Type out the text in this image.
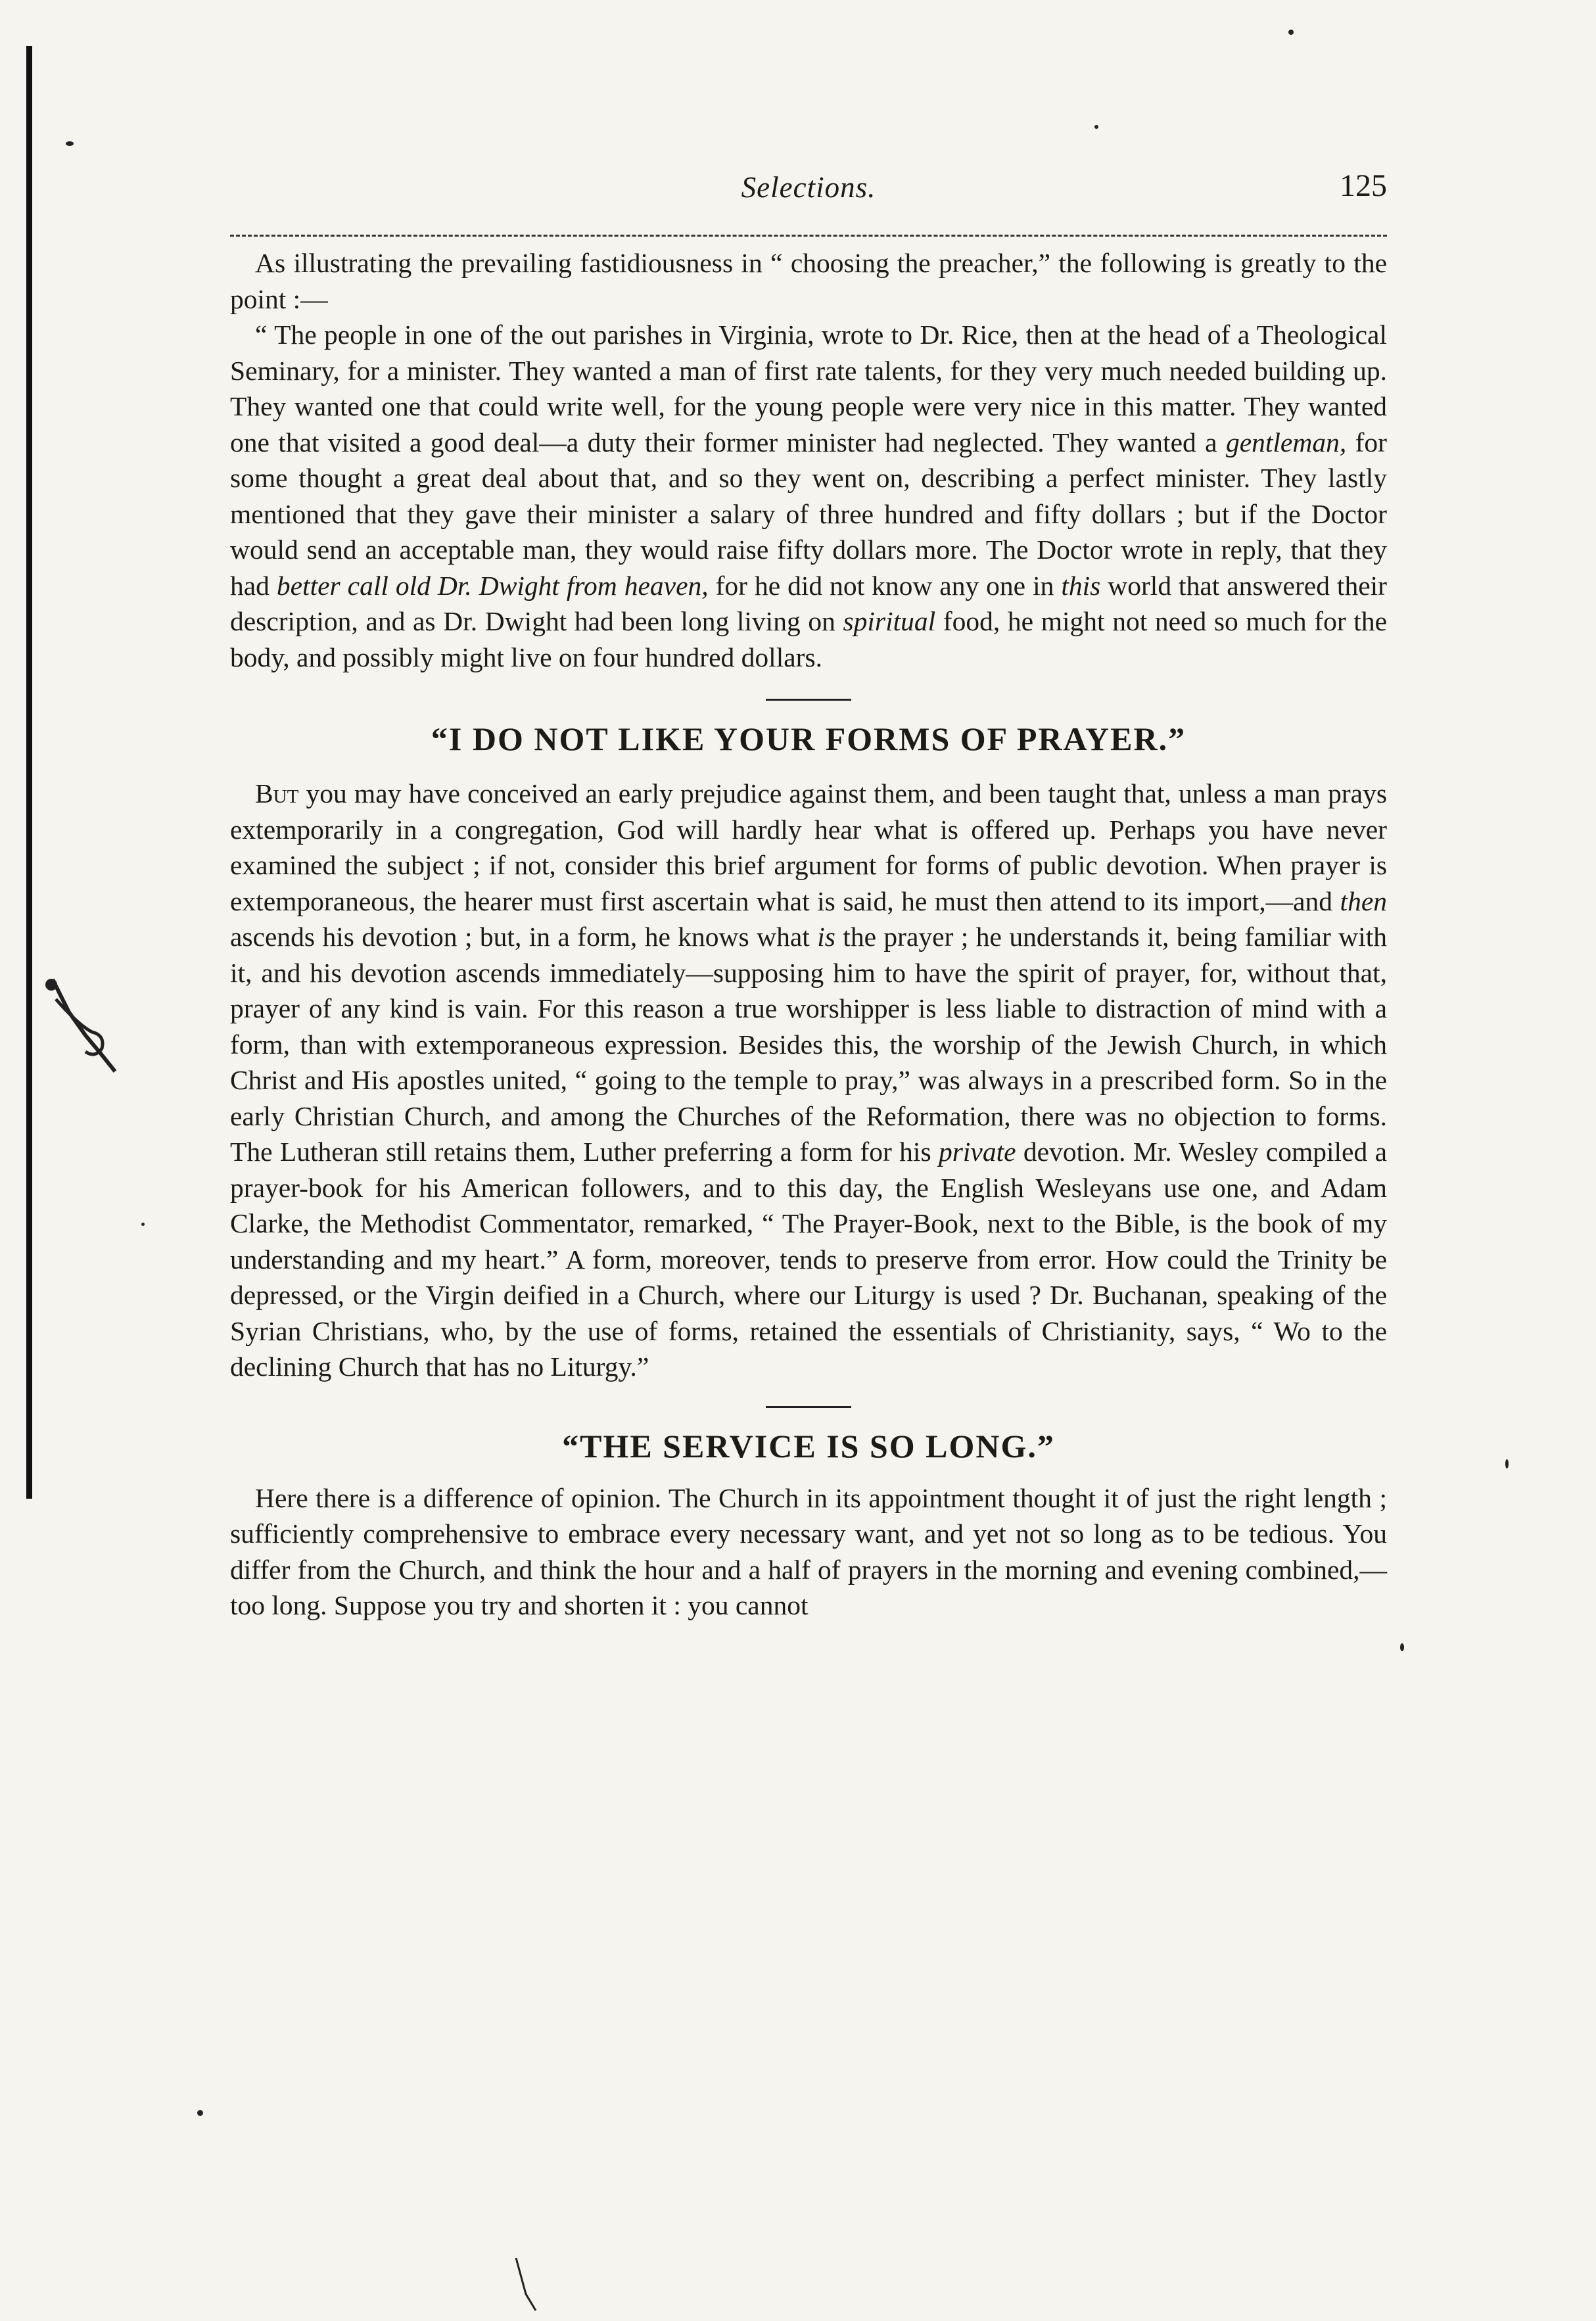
Selections.	125

As illustrating the prevailing fastidiousness in “ choosing the preacher,” the following is greatly to the point :—

“ The people in one of the out parishes in Virginia, wrote to Dr. Rice, then at the head of a Theological Seminary, for a minister. They wanted a man of first rate talents, for they very much needed building up. They wanted one that could write well, for the young people were very nice in this matter. They wanted one that visited a good deal—a duty their former minister had neglected. They wanted a gentleman, for some thought a great deal about that, and so they went on, describing a perfect minister. They lastly mentioned that they gave their minister a salary of three hundred and fifty dollars ; but if the Doctor would send an acceptable man, they would raise fifty dollars more. The Doctor wrote in reply, that they had better call old Dr. Dwight from heaven, for he did not know any one in this world that answered their description, and as Dr. Dwight had been long living on spiritual food, he might not need so much for the body, and possibly might live on four hundred dollars.

“I DO NOT LIKE YOUR FORMS OF PRAYER.”

But you may have conceived an early prejudice against them, and been taught that, unless a man prays extemporarily in a congregation, God will hardly hear what is offered up. Perhaps you have never examined the subject ; if not, consider this brief argument for forms of public devotion. When prayer is extemporaneous, the hearer must first ascertain what is said, he must then attend to its import,—and then ascends his devotion ; but, in a form, he knows what is the prayer ; he understands it, being familiar with it, and his devotion ascends immediately—supposing him to have the spirit of prayer, for, without that, prayer of any kind is vain. For this reason a true worshipper is less liable to distraction of mind with a form, than with extemporaneous expression. Besides this, the worship of the Jewish Church, in which Christ and His apostles united, “ going to the temple to pray,” was always in a prescribed form. So in the early Christian Church, and among the Churches of the Reformation, there was no objection to forms. The Lutheran still retains them, Luther preferring a form for his private devotion. Mr. Wesley compiled a prayer-book for his American followers, and to this day, the English Wesleyans use one, and Adam Clarke, the Methodist Commentator, remarked, “ The Prayer-Book, next to the Bible, is the book of my understanding and my heart.” A form, moreover, tends to preserve from error. How could the Trinity be depressed, or the Virgin deified in a Church, where our Liturgy is used ? Dr. Buchanan, speaking of the Syrian Christians, who, by the use of forms, retained the essentials of Christianity, says, “ Wo to the declining Church that has no Liturgy.”

“THE SERVICE IS SO LONG.”

Here there is a difference of opinion. The Church in its appointment thought it of just the right length ; sufficiently comprehensive to embrace every necessary want, and yet not so long as to be tedious. You differ from the Church, and think the hour and a half of prayers in the morning and evening combined,—too long. Suppose you try and shorten it : you cannot
